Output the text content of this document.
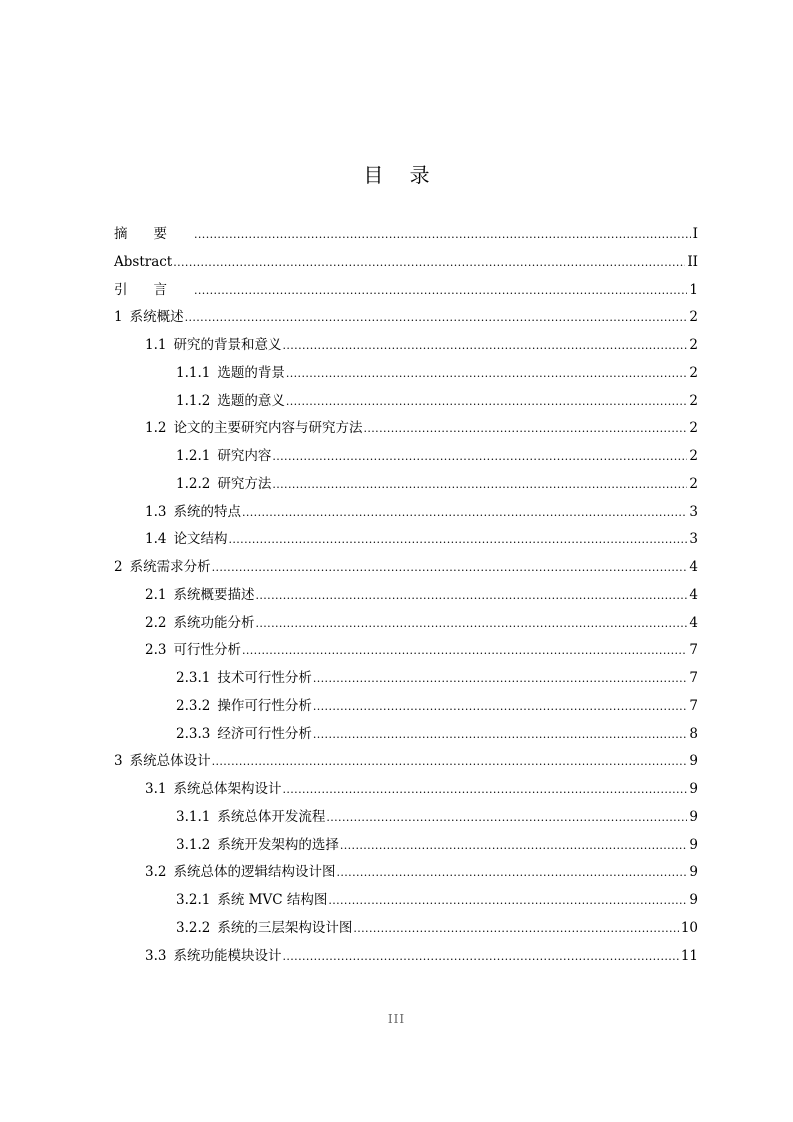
目 录
摘要 .....	I
Abstract .....	II
引言 .....	1
1 系统概述 .....	2
1.1 研究的背景和意义 .....	2
1.1.1 选题的背景 .....	2
1.1.2 选题的意义 .....	2
1.2 论文的主要研究内容与研究方法 .....	2
1.2.1 研究内容 .....	2
1.2.2 研究方法 .....	2
1.3 系统的特点 .....	3
1.4 论文结构 .....	3
2 系统需求分析 .....	4
2.1 系统概要描述 .....	4
2.2 系统功能分析 .....	4
2.3 可行性分析 .....	7
2.3.1 技术可行性分析 .....	7
2.3.2 操作可行性分析 .....	7
2.3.3 经济可行性分析 .....	8
3 系统总体设计 .....	9
3.1 系统总体架构设计 .....	9
3.1.1 系统总体开发流程 .....	9
3.1.2 系统开发架构的选择 .....	9
3.2 系统总体的逻辑结构设计图 .....	9
3.2.1 系统 MVC 结构图 .....	9
3.2.2 系统的三层架构设计图 .....	10
3.3 系统功能模块设计 .....	11
III
